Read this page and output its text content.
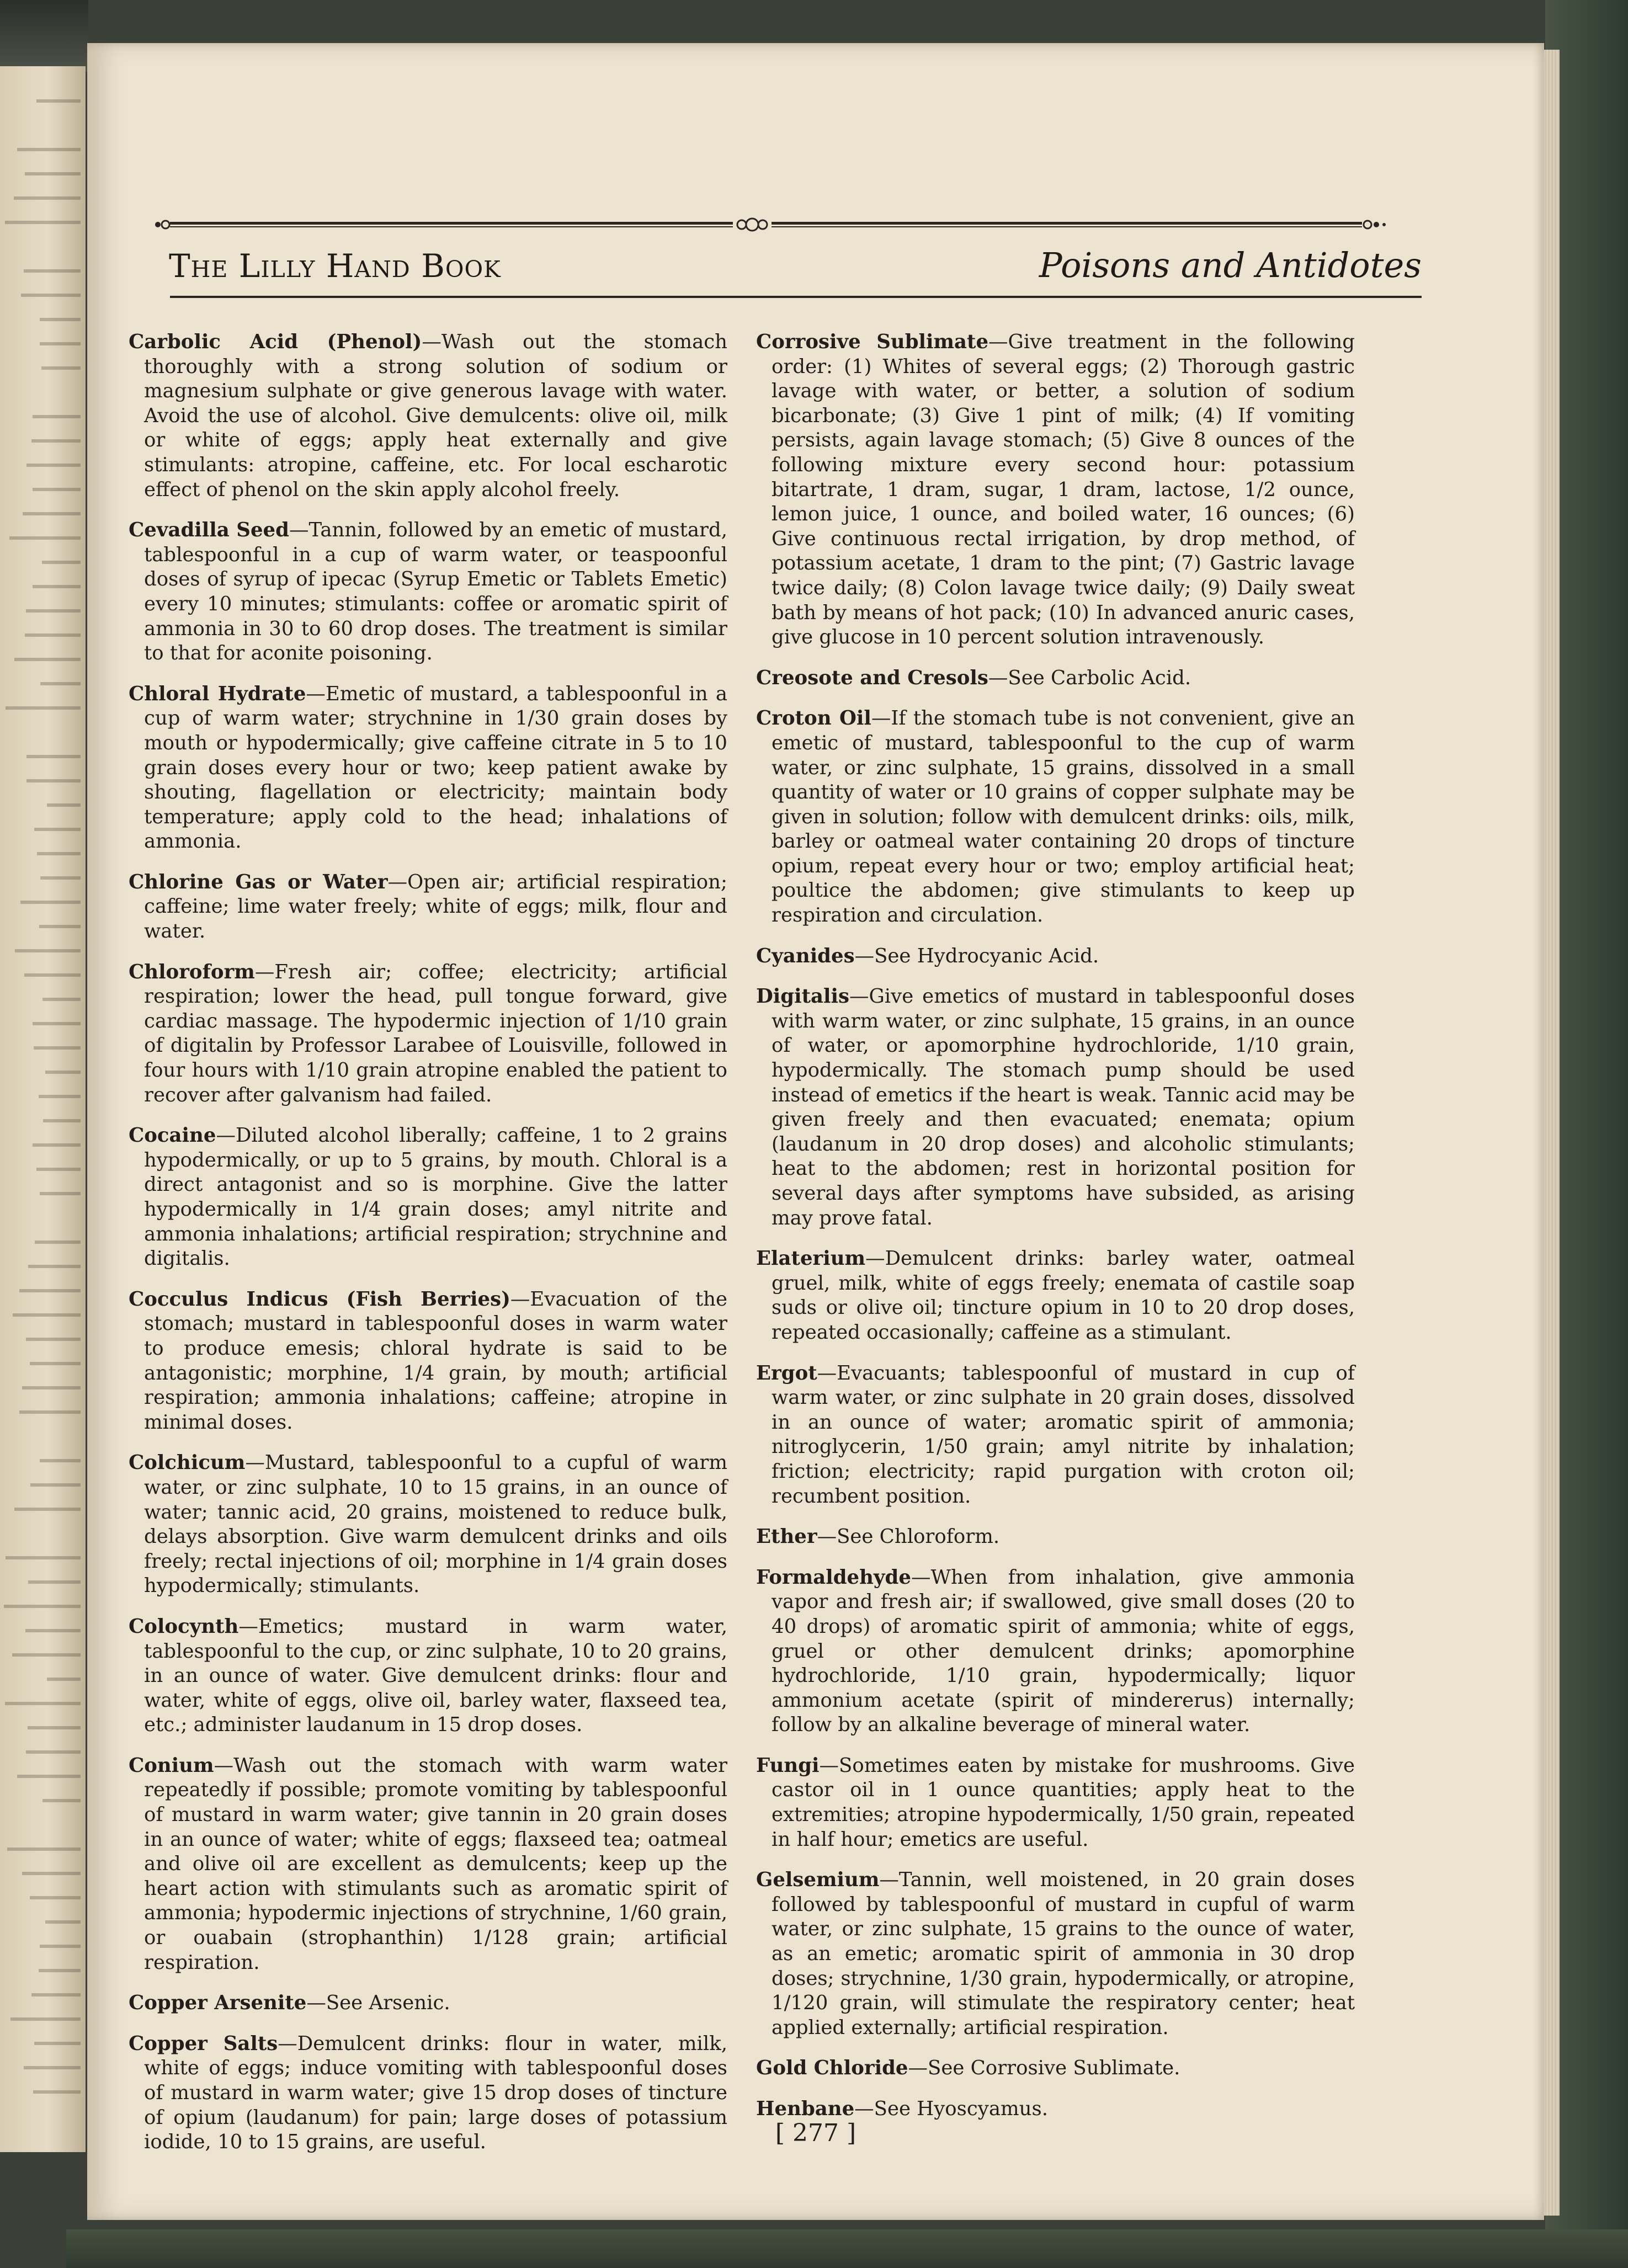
The Lilly Hand Book	Poisons and Antidotes

Carbolic Acid (Phenol)—Wash out the stomach thoroughly with a strong solution of sodium or magnesium sulphate or give generous lavage with water. Avoid the use of alcohol. Give demulcents: olive oil, milk or white of eggs; apply heat externally and give stimulants: atropine, caffeine, etc. For local escharotic effect of phenol on the skin apply alcohol freely.

Cevadilla Seed—Tannin, followed by an emetic of mustard, tablespoonful in a cup of warm water, or teaspoonful doses of syrup of ipecac (Syrup Emetic or Tablets Emetic) every 10 minutes; stimulants: coffee or aromatic spirit of ammonia in 30 to 60 drop doses. The treatment is similar to that for aconite poisoning.

Chloral Hydrate—Emetic of mustard, a tablespoonful in a cup of warm water; strychnine in 1/30 grain doses by mouth or hypodermically; give caffeine citrate in 5 to 10 grain doses every hour or two; keep patient awake by shouting, flagellation or electricity; maintain body temperature; apply cold to the head; inhalations of ammonia.

Chlorine Gas or Water—Open air; artificial respiration; caffeine; lime water freely; white of eggs; milk, flour and water.

Chloroform—Fresh air; coffee; electricity; artificial respiration; lower the head, pull tongue forward, give cardiac massage. The hypodermic injection of 1/10 grain of digitalin by Professor Larabee of Louisville, followed in four hours with 1/10 grain atropine enabled the patient to recover after galvanism had failed.

Cocaine—Diluted alcohol liberally; caffeine, 1 to 2 grains hypodermically, or up to 5 grains, by mouth. Chloral is a direct antagonist and so is morphine. Give the latter hypodermically in 1/4 grain doses; amyl nitrite and ammonia inhalations; artificial respiration; strychnine and digitalis.

Cocculus Indicus (Fish Berries)—Evacuation of the stomach; mustard in tablespoonful doses in warm water to produce emesis; chloral hydrate is said to be antagonistic; morphine, 1/4 grain, by mouth; artificial respiration; ammonia inhalations; caffeine; atropine in minimal doses.

Colchicum—Mustard, tablespoonful to a cupful of warm water, or zinc sulphate, 10 to 15 grains, in an ounce of water; tannic acid, 20 grains, moistened to reduce bulk, delays absorption. Give warm demulcent drinks and oils freely; rectal injections of oil; morphine in 1/4 grain doses hypodermically; stimulants.

Colocynth—Emetics; mustard in warm water, tablespoonful to the cup, or zinc sulphate, 10 to 20 grains, in an ounce of water. Give demulcent drinks: flour and water, white of eggs, olive oil, barley water, flaxseed tea, etc.; administer laudanum in 15 drop doses.

Conium—Wash out the stomach with warm water repeatedly if possible; promote vomiting by tablespoonful of mustard in warm water; give tannin in 20 grain doses in an ounce of water; white of eggs; flaxseed tea; oatmeal and olive oil are excellent as demulcents; keep up the heart action with stimulants such as aromatic spirit of ammonia; hypodermic injections of strychnine, 1/60 grain, or ouabain (strophanthin) 1/128 grain; artificial respiration.

Copper Arsenite—See Arsenic.

Copper Salts—Demulcent drinks: flour in water, milk, white of eggs; induce vomiting with tablespoonful doses of mustard in warm water; give 15 drop doses of tincture of opium (laudanum) for pain; large doses of potassium iodide, 10 to 15 grains, are useful.

Corrosive Sublimate—Give treatment in the following order: (1) Whites of several eggs; (2) Thorough gastric lavage with water, or better, a solution of sodium bicarbonate; (3) Give 1 pint of milk; (4) If vomiting persists, again lavage stomach; (5) Give 8 ounces of the following mixture every second hour: potassium bitartrate, 1 dram, sugar, 1 dram, lactose, 1/2 ounce, lemon juice, 1 ounce, and boiled water, 16 ounces; (6) Give continuous rectal irrigation, by drop method, of potassium acetate, 1 dram to the pint; (7) Gastric lavage twice daily; (8) Colon lavage twice daily; (9) Daily sweat bath by means of hot pack; (10) In advanced anuric cases, give glucose in 10 percent solution intravenously.

Creosote and Cresols—See Carbolic Acid.

Croton Oil—If the stomach tube is not convenient, give an emetic of mustard, tablespoonful to the cup of warm water, or zinc sulphate, 15 grains, dissolved in a small quantity of water or 10 grains of copper sulphate may be given in solution; follow with demulcent drinks: oils, milk, barley or oatmeal water containing 20 drops of tincture opium, repeat every hour or two; employ artificial heat; poultice the abdomen; give stimulants to keep up respiration and circulation.

Cyanides—See Hydrocyanic Acid.

Digitalis—Give emetics of mustard in tablespoonful doses with warm water, or zinc sulphate, 15 grains, in an ounce of water, or apomorphine hydrochloride, 1/10 grain, hypodermically. The stomach pump should be used instead of emetics if the heart is weak. Tannic acid may be given freely and then evacuated; enemata; opium (laudanum in 20 drop doses) and alcoholic stimulants; heat to the abdomen; rest in horizontal position for several days after symptoms have subsided, as arising may prove fatal.

Elaterium—Demulcent drinks: barley water, oatmeal gruel, milk, white of eggs freely; enemata of castile soap suds or olive oil; tincture opium in 10 to 20 drop doses, repeated occasionally; caffeine as a stimulant.

Ergot—Evacuants; tablespoonful of mustard in cup of warm water, or zinc sulphate in 20 grain doses, dissolved in an ounce of water; aromatic spirit of ammonia; nitroglycerin, 1/50 grain; amyl nitrite by inhalation; friction; electricity; rapid purgation with croton oil; recumbent position.

Ether—See Chloroform.

Formaldehyde—When from inhalation, give ammonia vapor and fresh air; if swallowed, give small doses (20 to 40 drops) of aromatic spirit of ammonia; white of eggs, gruel or other demulcent drinks; apomorphine hydrochloride, 1/10 grain, hypodermically; liquor ammonium acetate (spirit of mindererus) internally; follow by an alkaline beverage of mineral water.

Fungi—Sometimes eaten by mistake for mushrooms. Give castor oil in 1 ounce quantities; apply heat to the extremities; atropine hypodermically, 1/50 grain, repeated in half hour; emetics are useful.

Gelsemium—Tannin, well moistened, in 20 grain doses followed by tablespoonful of mustard in cupful of warm water, or zinc sulphate, 15 grains to the ounce of water, as an emetic; aromatic spirit of ammonia in 30 drop doses; strychnine, 1/30 grain, hypodermically, or atropine, 1/120 grain, will stimulate the respiratory center; heat applied externally; artificial respiration.

Gold Chloride—See Corrosive Sublimate.

Henbane—See Hyoscyamus.

[ 277 ]
